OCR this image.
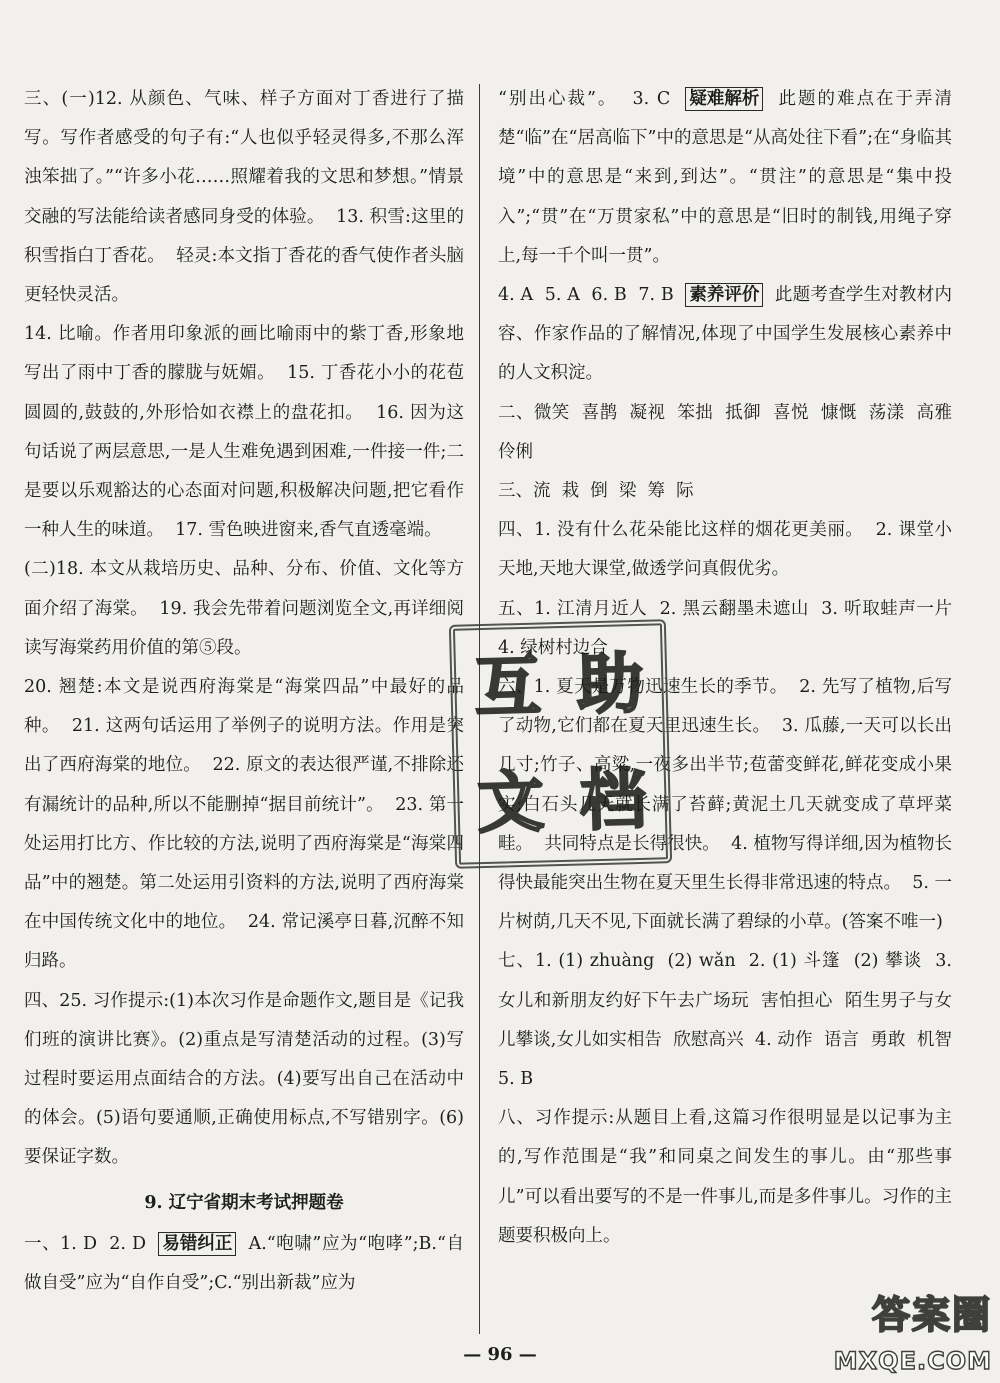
三、(一)12. 从颜色、气味、样子方面对丁香进行了描写。写作者感受的句子有:“人也似乎轻灵得多,不那么浑浊笨拙了。”“许多小花……照耀着我的文思和梦想。”情景交融的写法能给读者感同身受的体验。  13. 积雪:这里的积雪指白丁香花。  轻灵:本文指丁香花的香气使作者头脑更轻快灵活。

14. 比喻。作者用印象派的画比喻雨中的紫丁香,形象地写出了雨中丁香的朦胧与妩媚。  15. 丁香花小小的花苞圆圆的,鼓鼓的,外形恰如衣襟上的盘花扣。  16. 因为这句话说了两层意思,一是人生难免遇到困难,一件接一件;二是要以乐观豁达的心态面对问题,积极解决问题,把它看作一种人生的味道。  17. 雪色映进窗来,香气直透毫端。

(二)18. 本文从栽培历史、品种、分布、价值、文化等方面介绍了海棠。  19. 我会先带着问题浏览全文,再详细阅读写海棠药用价值的第⑤段。

20. 翘楚:本文是说西府海棠是“海棠四品”中最好的品种。  21. 这两句话运用了举例子的说明方法。作用是突出了西府海棠的地位。  22. 原文的表达很严谨,不排除还有漏统计的品种,所以不能删掉“据目前统计”。  23. 第一处运用打比方、作比较的方法,说明了西府海棠是“海棠四品”中的翘楚。第二处运用引资料的方法,说明了西府海棠在中国传统文化中的地位。  24. 常记溪亭日暮,沉醉不知归路。

四、25. 习作提示:(1)本次习作是命题作文,题目是《记我们班的演讲比赛》。(2)重点是写清楚活动的过程。(3)写过程时要运用点面结合的方法。(4)要写出自己在活动中的体会。(5)语句要通顺,正确使用标点,不写错别字。(6)要保证字数。

9. 辽宁省期末考试押题卷

一、1. D  2. D  易错纠正  A.“咆啸”应为“咆哮”;B.“自做自受”应为“自作自受”;C.“别出新裁”应为

“别出心裁”。  3. C  疑难解析  此题的难点在于弄清楚“临”在“居高临下”中的意思是“从高处往下看”;在“身临其境”中的意思是“来到,到达”。“贯注”的意思是“集中投入”;“贯”在“万贯家私”中的意思是“旧时的制钱,用绳子穿上,每一千个叫一贯”。

4. A  5. A  6. B  7. B  素养评价  此题考查学生对教材内容、作家作品的了解情况,体现了中国学生发展核心素养中的人文积淀。

二、微笑  喜鹊  凝视  笨拙  抵御  喜悦  慷慨  荡漾  高雅  伶俐

三、流  栽  倒  梁  筹  际

四、1. 没有什么花朵能比这样的烟花更美丽。  2. 课堂小天地,天地大课堂,做透学问真假优劣。

五、1. 江清月近人  2. 黑云翻墨未遮山  3. 听取蛙声一片  4. 绿树村边合

六、1. 夏天是万物迅速生长的季节。  2. 先写了植物,后写了动物,它们都在夏天里迅速生长。  3. 瓜藤,一天可以长出几寸;竹子、高粱,一夜多出半节;苞蕾变鲜花,鲜花变成小果实;白石头几天就长满了苔藓;黄泥土几天就变成了草坪菜畦。  共同特点是长得很快。  4. 植物写得详细,因为植物长得快最能突出生物在夏天里生长得非常迅速的特点。  5. 一片树荫,几天不见,下面就长满了碧绿的小草。(答案不唯一)

七、1. (1) zhuàng  (2) wǎn  2. (1) 斗篷  (2) 攀谈  3. 女儿和新朋友约好下午去广场玩  害怕担心  陌生男子与女儿攀谈,女儿如实相告  欣慰高兴  4. 动作  语言  勇敢  机智  5. B

八、习作提示:从题目上看,这篇习作很明显是以记事为主的,写作范围是“我”和同桌之间发生的事儿。由“那些事儿”可以看出要写的不是一件事儿,而是多件事儿。习作的主题要积极向上。

互 助
文 档
— 96 —
答 案 圈
MXQE.COM
